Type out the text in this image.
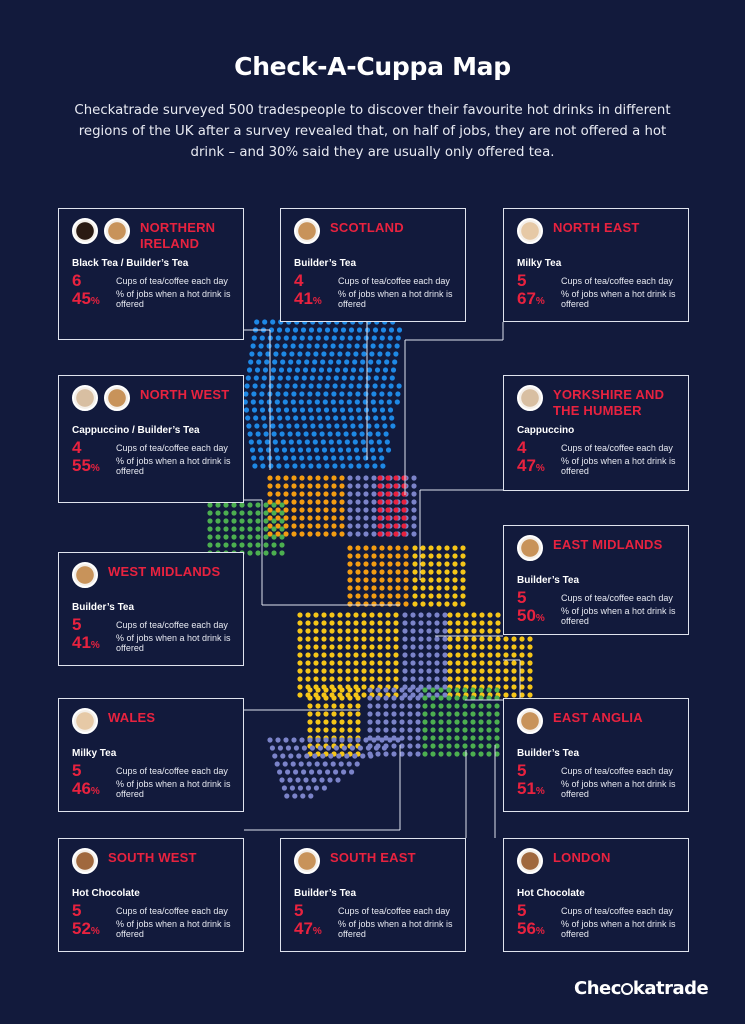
Check-A-Cuppa Map
Checkatrade surveyed 500 tradespeople to discover their favourite hot drinks in different regions of the UK after a survey revealed that, on half of jobs, they are not offered a hot drink – and 30% said they are usually only offered tea.
NORTHERN IRELAND
Black Tea / Builder’s Tea
6	Cups of tea/coffee each day
45%
% of jobs when a hot drink is offered
SCOTLAND
Builder’s Tea
4	Cups of tea/coffee each day
41%
% of jobs when a hot drink is offered
NORTH EAST
Milky Tea
5	Cups of tea/coffee each day
67%
% of jobs when a hot drink is offered
NORTH WEST
Cappuccino / Builder’s Tea
4	Cups of tea/coffee each day
55%
% of jobs when a hot drink is offered
YORKSHIRE AND THE HUMBER
Cappuccino
4	Cups of tea/coffee each day
47%
% of jobs when a hot drink is offered
EAST MIDLANDS
Builder’s Tea
5	Cups of tea/coffee each day
50%
% of jobs when a hot drink is offered
WEST MIDLANDS
Builder’s Tea
5	Cups of tea/coffee each day
41%
% of jobs when a hot drink is offered
WALES
Milky Tea
5	Cups of tea/coffee each day
46%
% of jobs when a hot drink is offered
EAST ANGLIA
Builder’s Tea
5	Cups of tea/coffee each day
51%
% of jobs when a hot drink is offered
SOUTH WEST
Hot Chocolate
5	Cups of tea/coffee each day
52%
% of jobs when a hot drink is offered
SOUTH EAST
Builder’s Tea
5	Cups of tea/coffee each day
47%
% of jobs when a hot drink is offered
LONDON
Hot Chocolate
5	Cups of tea/coffee each day
56%
% of jobs when a hot drink is offered
Chec katrade
